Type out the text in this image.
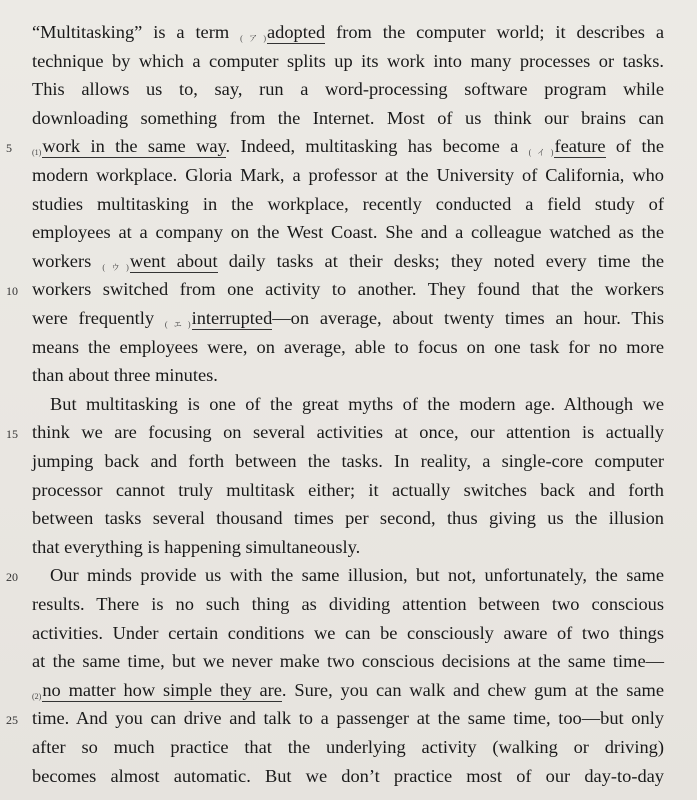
“Multitasking” is a term (ア)adopted from the computer world; it describes a
technique by which a computer splits up its work into many processes or tasks.
This allows us to, say, run a word-processing software program while
downloading something from the Internet. Most of us think our brains can
(1)work in the same way. Indeed, multitasking has become a (イ)feature of the
modern workplace. Gloria Mark, a professor at the University of California, who
studies multitasking in the workplace, recently conducted a field study of
employees at a company on the West Coast. She and a colleague watched as the
workers (ウ)went about daily tasks at their desks; they noted every time the
workers switched from one activity to another. They found that the workers
were frequently (エ)interrupted—on average, about twenty times an hour. This
means the employees were, on average, able to focus on one task for no more
than about three minutes.
But multitasking is one of the great myths of the modern age. Although we
think we are focusing on several activities at once, our attention is actually
jumping back and forth between the tasks. In reality, a single-core computer
processor cannot truly multitask either; it actually switches back and forth
between tasks several thousand times per second, thus giving us the illusion
that everything is happening simultaneously.
Our minds provide us with the same illusion, but not, unfortunately, the same
results. There is no such thing as dividing attention between two conscious
activities. Under certain conditions we can be consciously aware of two things
at the same time, but we never make two conscious decisions at the same time—
(2)no matter how simple they are. Sure, you can walk and chew gum at the same
time. And you can drive and talk to a passenger at the same time, too—but only
after so much practice that the underlying activity (walking or driving)
becomes almost automatic. But we don’t practice most of our day-to-day
5
10
15
20
25
